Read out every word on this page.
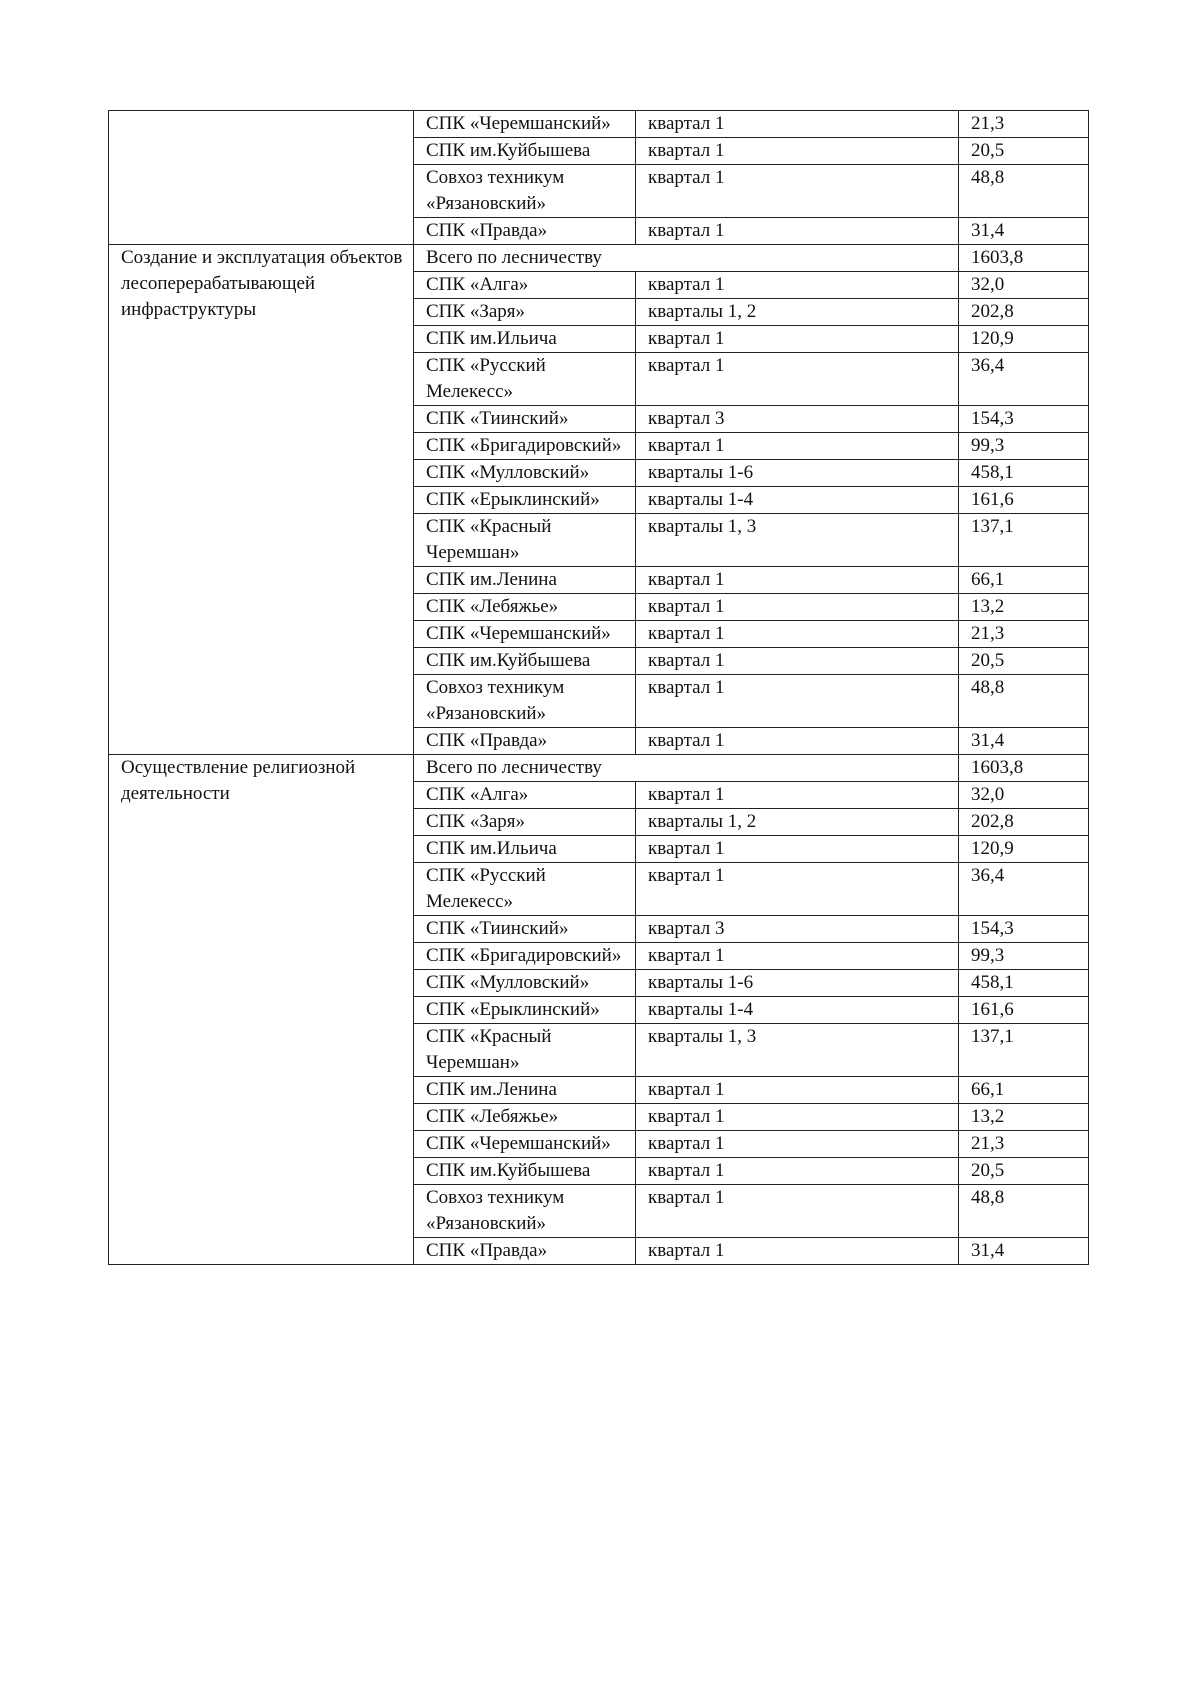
	СПК «Черемшанский»	квартал 1	21,3
	СПК им.Куйбышева	квартал 1	20,5
	Совхоз техникум «Рязановский»	квартал 1	48,8
	СПК «Правда»	квартал 1	31,4
Создание и эксплуатация объектов лесоперерабатывающей инфраструктуры	Всего по лесничеству		1603,8
	СПК «Алга»	квартал 1	32,0
	СПК «Заря»	кварталы 1, 2	202,8
	СПК им.Ильича	квартал 1	120,9
	СПК «Русский Мелекесс»	квартал 1	36,4
	СПК «Тиинский»	квартал 3	154,3
	СПК «Бригадировский»	квартал 1	99,3
	СПК «Мулловский»	кварталы 1-6	458,1
	СПК «Ерыклинский»	кварталы 1-4	161,6
	СПК «Красный Черемшан»	кварталы 1, 3	137,1
	СПК им.Ленина	квартал 1	66,1
	СПК «Лебяжье»	квартал 1	13,2
	СПК «Черемшанский»	квартал 1	21,3
	СПК им.Куйбышева	квартал 1	20,5
	Совхоз техникум «Рязановский»	квартал 1	48,8
	СПК «Правда»	квартал 1	31,4
Осуществление религиозной деятельности	Всего по лесничеству		1603,8
	СПК «Алга»	квартал 1	32,0
	СПК «Заря»	кварталы 1, 2	202,8
	СПК им.Ильича	квартал 1	120,9
	СПК «Русский Мелекесс»	квартал 1	36,4
	СПК «Тиинский»	квартал 3	154,3
	СПК «Бригадировский»	квартал 1	99,3
	СПК «Мулловский»	кварталы 1-6	458,1
	СПК «Ерыклинский»	кварталы 1-4	161,6
	СПК «Красный Черемшан»	кварталы 1, 3	137,1
	СПК им.Ленина	квартал 1	66,1
	СПК «Лебяжье»	квартал 1	13,2
	СПК «Черемшанский»	квартал 1	21,3
	СПК им.Куйбышева	квартал 1	20,5
	Совхоз техникум «Рязановский»	квартал 1	48,8
	СПК «Правда»	квартал 1	31,4
